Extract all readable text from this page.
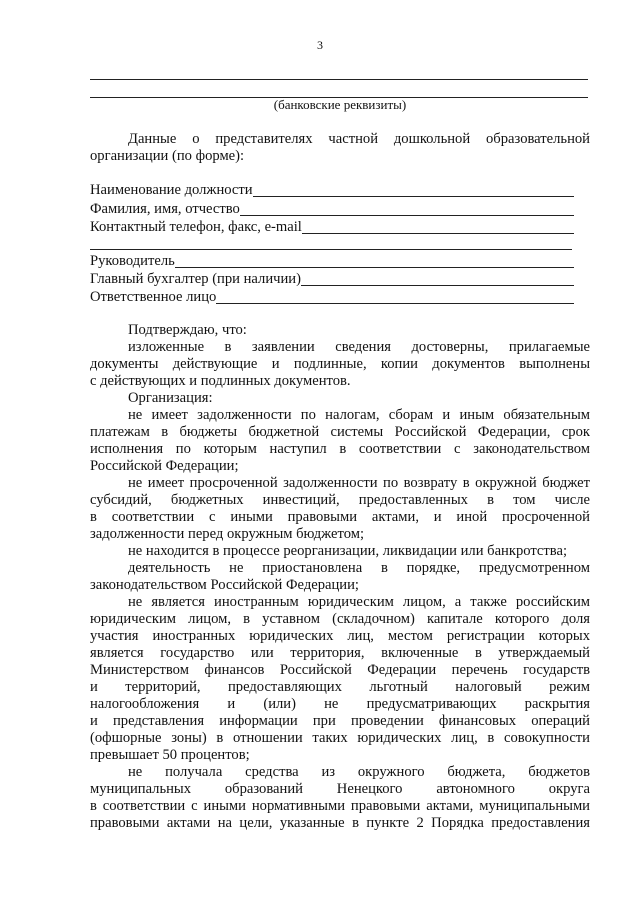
3
(банковские реквизиты)
Данные о представителях частной дошкольной образовательной
организации (по форме):
Наименование должности
Фамилия, имя, отчество
Контактный телефон, факс, e-mail
Руководитель
Главный бухгалтер (при наличии)
Ответственное лицо
Подтверждаю, что:
изложенные в заявлении сведения достоверны, прилагаемые
документы действующие и подлинные, копии документов выполнены
с действующих и подлинных документов.
Организация:
не имеет задолженности по налогам, сборам и иным обязательным
платежам в бюджеты бюджетной системы Российской Федерации, срок
исполнения по которым наступил в соответствии с законодательством
Российской Федерации;
не имеет просроченной задолженности по возврату в окружной бюджет
субсидий, бюджетных инвестиций, предоставленных в том числе
в соответствии с иными правовыми актами, и иной просроченной
задолженности перед окружным бюджетом;
не находится в процессе реорганизации, ликвидации или банкротства;
деятельность не приостановлена в порядке, предусмотренном
законодательством Российской Федерации;
не является иностранным юридическим лицом, а также российским
юридическим лицом, в уставном (складочном) капитале которого доля
участия иностранных юридических лиц, местом регистрации которых
является государство или территория, включенные в утверждаемый
Министерством финансов Российской Федерации перечень государств
и территорий, предоставляющих льготный налоговый режим
налогообложения и (или) не предусматривающих раскрытия
и представления информации при проведении финансовых операций
(офшорные зоны) в отношении таких юридических лиц, в совокупности
превышает 50 процентов;
не получала средства из окружного бюджета, бюджетов
муниципальных образований Ненецкого автономного округа
в соответствии с иными нормативными правовыми актами, муниципальными
правовыми актами на цели, указанные в пункте 2 Порядка предоставления
